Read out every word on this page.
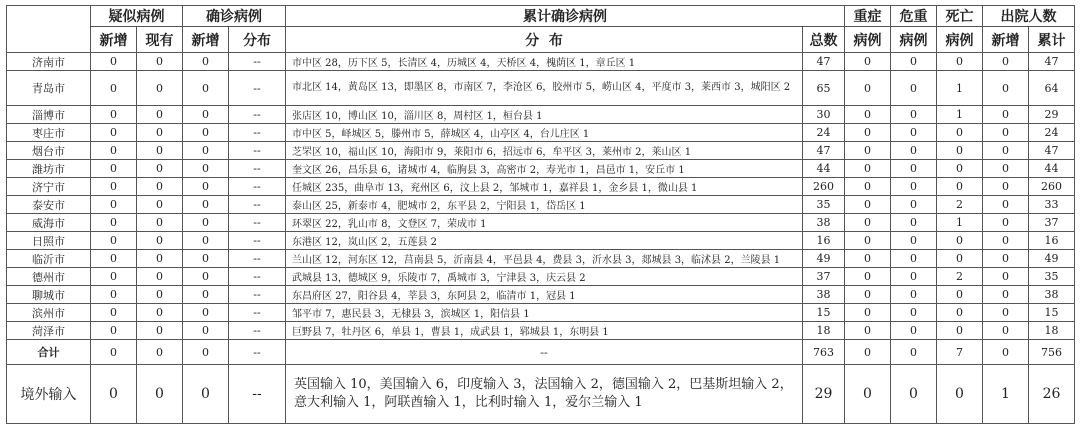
	疑似病例		确诊病例		累计确诊病例		重症	危重	死亡	出院人数	
	新增	现有	新增	分布	分  布	总数	病例	病例	病例	新增	累计
济南市	0	0	0	--	市中区 28，历下区 5，长清区 4，历城区 4，天桥区 4，槐荫区 1，章丘区 1	47	0	0	0	0	47
青岛市	0	0	0	--	市北区 14，黄岛区 13，即墨区 8，市南区 7，李沧区 6，胶州市 5，崂山区 4，平度市 3，莱西市 3，城阳区 2	65	0	0	1	0	64
淄博市	0	0	0	--	张店区 10，博山区 10，淄川区 8，周村区 1，桓台县 1	30	0	0	1	0	29
枣庄市	0	0	0	--	市中区 5，峄城区 5，滕州市 5，薛城区 4，山亭区 4，台儿庄区 1	24	0	0	0	0	24
烟台市	0	0	0	--	芝罘区 10，福山区 10，海阳市 9，莱阳市 6，招远市 6，牟平区 3，莱州市 2，莱山区 1	47	0	0	0	0	47
潍坊市	0	0	0	--	奎文区 26，昌乐县 6，诸城市 4，临朐县 3，高密市 2，寿光市 1，昌邑市 1，安丘市 1	44	0	0	0	0	44
济宁市	0	0	0	--	任城区 235，曲阜市 13，兖州区 6，汶上县 2，邹城市 1，嘉祥县 1，金乡县 1，微山县 1	260	0	0	0	0	260
泰安市	0	0	0	--	泰山区 25，新泰市 4，肥城市 2，东平县 2，宁阳县 1，岱岳区 1	35	0	0	2	0	33
威海市	0	0	0	--	环翠区 22，乳山市 8，文登区 7，荣成市 1	38	0	0	1	0	37
日照市	0	0	0	--	东港区 12，岚山区 2，五莲县 2	16	0	0	0	0	16
临沂市	0	0	0	--	兰山区 12，河东区 12，莒南县 5，沂南县 4，平邑县 4，费县 3，沂水县 3，郯城县 3，临沭县 2，兰陵县 1	49	0	0	0	0	49
德州市	0	0	0	--	武城县 13，德城区 9，乐陵市 7，禹城市 3，宁津县 3，庆云县 2	37	0	0	2	0	35
聊城市	0	0	0	--	东昌府区 27，阳谷县 4，莘县 3，东阿县 2，临清市 1，冠县 1	38	0	0	0	0	38
滨州市	0	0	0	--	邹平市 7，惠民县 3，无棣县 3，滨城区 1，阳信县 1	15	0	0	0	0	15
菏泽市	0	0	0	--	巨野县 7，牡丹区 6，单县 1，曹县 1，成武县 1，郓城县 1，东明县 1	18	0	0	0	0	18
合计	0	0	0	--	--	763	0	0	7	0	756
境外输入	0	0	0	--	英国输入 10，美国输入 6，印度输入 3，法国输入 2，德国输入 2，巴基斯坦输入 2，意大利输入 1，阿联酋输入 1，比利时输入 1，爱尔兰输入 1	29	0	0	0	1	26
